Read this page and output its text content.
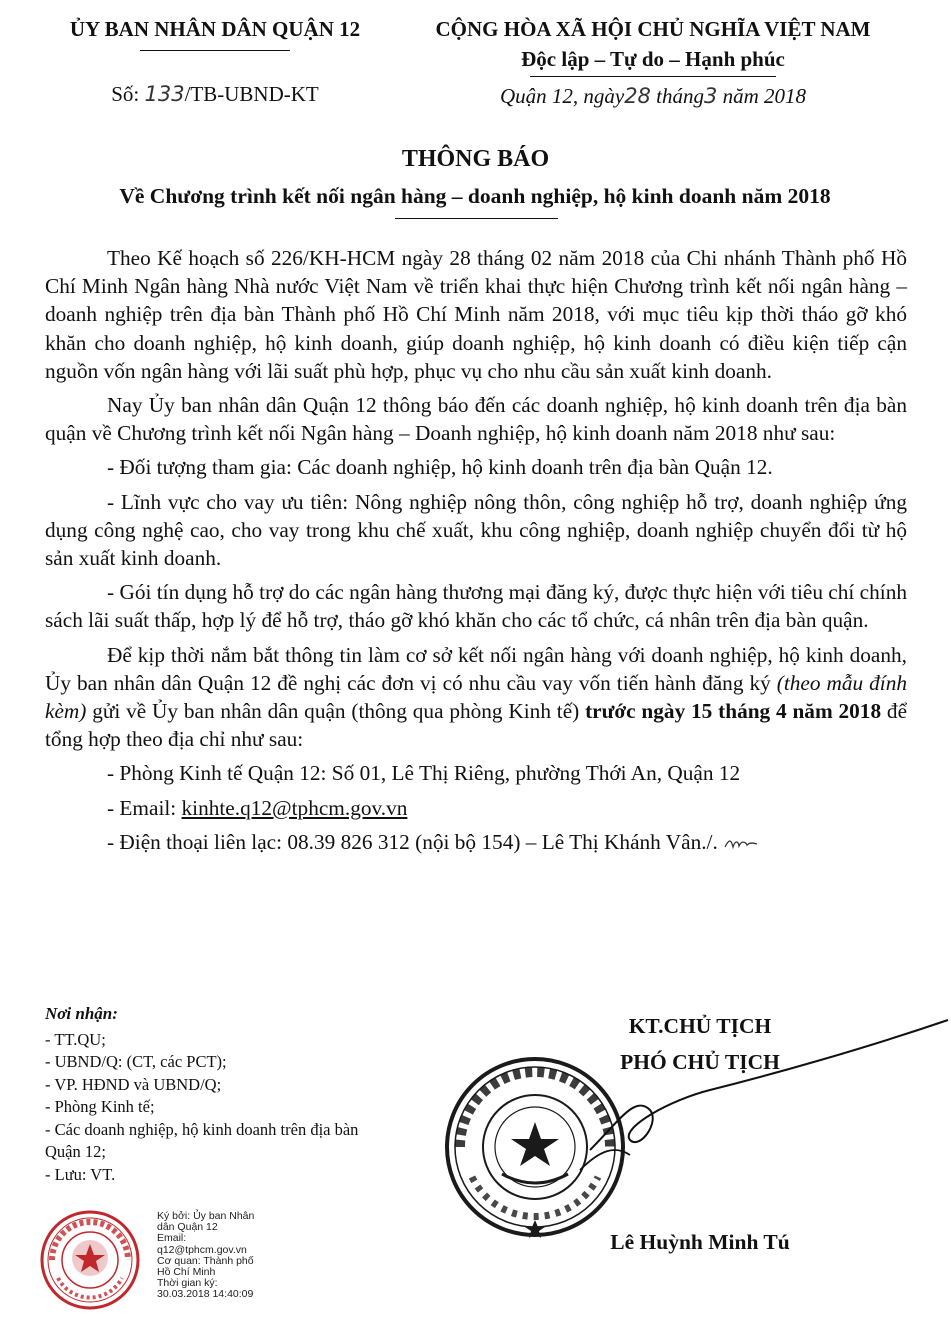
ỦY BAN NHÂN DÂN QUẬN 12
Số: 133/TB-UBND-KT
CỘNG HÒA XÃ HỘI CHỦ NGHĨA VIỆT NAM
Độc lập – Tự do – Hạnh phúc
Quận 12, ngày28 tháng3 năm 2018
THÔNG BÁO
Về Chương trình kết nối ngân hàng – doanh nghiệp, hộ kinh doanh năm 2018

Theo Kế hoạch số 226/KH-HCM ngày 28 tháng 02 năm 2018 của Chi nhánh Thành phố Hồ Chí Minh Ngân hàng Nhà nước Việt Nam về triển khai thực hiện Chương trình kết nối ngân hàng – doanh nghiệp trên địa bàn Thành phố Hồ Chí Minh năm 2018, với mục tiêu kịp thời tháo gỡ khó khăn cho doanh nghiệp, hộ kinh doanh, giúp doanh nghiệp, hộ kinh doanh có điều kiện tiếp cận nguồn vốn ngân hàng với lãi suất phù hợp, phục vụ cho nhu cầu sản xuất kinh doanh.

Nay Ủy ban nhân dân Quận 12 thông báo đến các doanh nghiệp, hộ kinh doanh trên địa bàn quận về Chương trình kết nối Ngân hàng – Doanh nghiệp, hộ kinh doanh năm 2018 như sau:

- Đối tượng tham gia: Các doanh nghiệp, hộ kinh doanh trên địa bàn Quận 12.

- Lĩnh vực cho vay ưu tiên: Nông nghiệp nông thôn, công nghiệp hỗ trợ, doanh nghiệp ứng dụng công nghệ cao, cho vay trong khu chế xuất, khu công nghiệp, doanh nghiệp chuyển đổi từ hộ sản xuất kinh doanh.

- Gói tín dụng hỗ trợ do các ngân hàng thương mại đăng ký, được thực hiện với tiêu chí chính sách lãi suất thấp, hợp lý để hỗ trợ, tháo gỡ khó khăn cho các tổ chức, cá nhân trên địa bàn quận.

Để kịp thời nắm bắt thông tin làm cơ sở kết nối ngân hàng với doanh nghiệp, hộ kinh doanh, Ủy ban nhân dân Quận 12 đề nghị các đơn vị có nhu cầu vay vốn tiến hành đăng ký (theo mẫu đính kèm) gửi về Ủy ban nhân dân quận (thông qua phòng Kinh tế) trước ngày 15 tháng 4 năm 2018 để tổng hợp theo địa chỉ như sau:

- Phòng Kinh tế Quận 12: Số 01, Lê Thị Riêng, phường Thới An, Quận 12

- Email: kinhte.q12@tphcm.gov.vn

- Điện thoại liên lạc: 08.39 826 312 (nội bộ 154) – Lê Thị Khánh Vân./.

Nơi nhận:
- TT.QU;
- UBND/Q: (CT, các PCT);
- VP. HĐND và UBND/Q;
- Phòng Kinh tế;
- Các doanh nghiệp, hộ kinh doanh trên địa bàn
Quận 12;
- Lưu: VT.
KT.CHỦ TỊCH
PHÓ CHỦ TỊCH
Lê Huỳnh Minh Tú
Ký bởi: Ủy ban Nhân
dân Quận 12
Email:
q12@tphcm.gov.vn
Cơ quan: Thành phố
Hồ Chí Minh
Thời gian ký:
30.03.2018 14:40:09
